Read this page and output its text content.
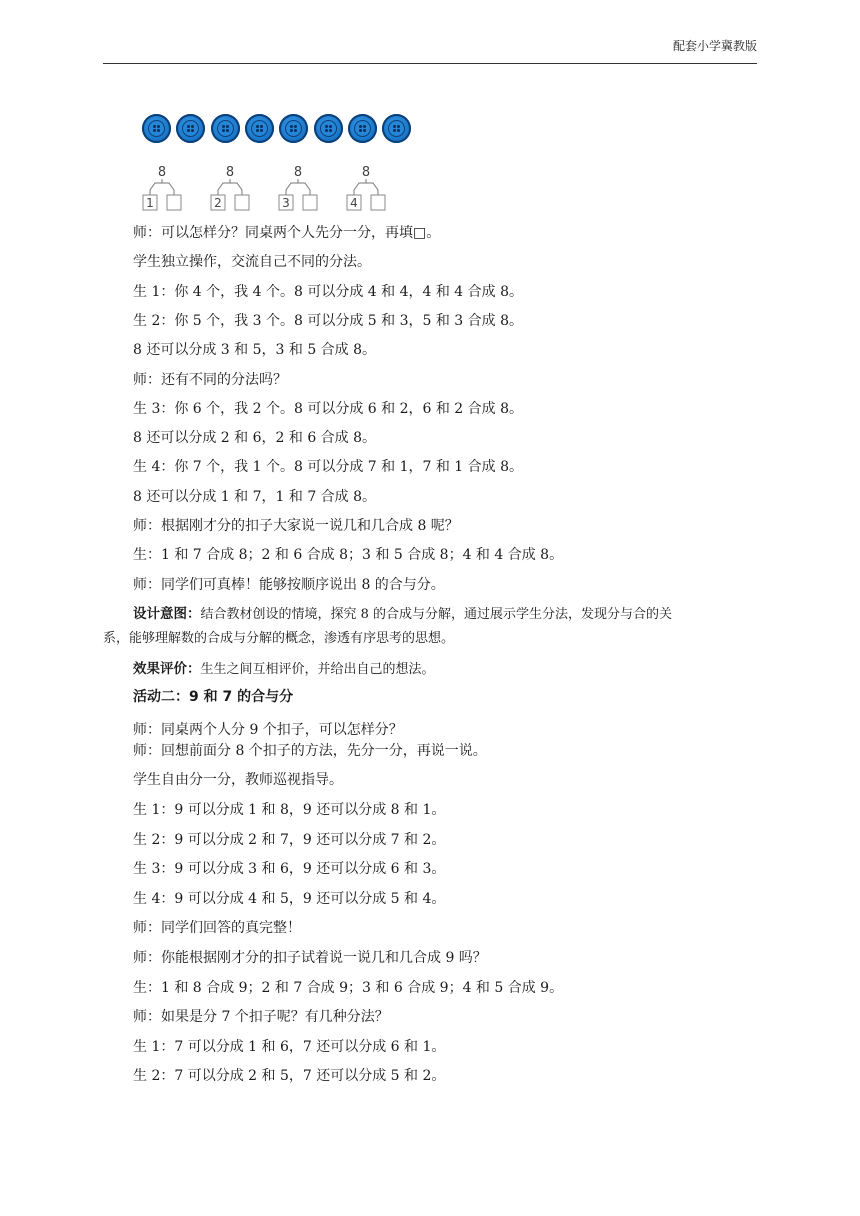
配套小学冀教版
8
1
8
2
8
3
8
4
师：可以怎样分？同桌两个人先分一分，再填□。
学生独立操作，交流自己不同的分法。
生 1：你 4 个，我 4 个。8 可以分成 4 和 4，4 和 4 合成 8。
生 2：你 5 个，我 3 个。8 可以分成 5 和 3，5 和 3 合成 8。
8 还可以分成 3 和 5，3 和 5 合成 8。
师：还有不同的分法吗？
生 3：你 6 个，我 2 个。8 可以分成 6 和 2，6 和 2 合成 8。
8 还可以分成 2 和 6，2 和 6 合成 8。
生 4：你 7 个，我 1 个。8 可以分成 7 和 1，7 和 1 合成 8。
8 还可以分成 1 和 7，1 和 7 合成 8。
师：根据刚才分的扣子大家说一说几和几合成 8 呢？
生：1 和 7 合成 8；2 和 6 合成 8；3 和 5 合成 8；4 和 4 合成 8。
师：同学们可真棒！能够按顺序说出 8 的合与分。
设计意图：结合教材创设的情境，探究 8 的合成与分解，通过展示学生分法，发现分与合的关
系，能够理解数的合成与分解的概念，渗透有序思考的思想。
效果评价：生生之间互相评价，并给出自己的想法。
活动二：9 和 7 的合与分
师：同桌两个人分 9 个扣子，可以怎样分？
师：回想前面分 8 个扣子的方法，先分一分，再说一说。
学生自由分一分，教师巡视指导。
生 1：9 可以分成 1 和 8，9 还可以分成 8 和 1。
生 2：9 可以分成 2 和 7，9 还可以分成 7 和 2。
生 3：9 可以分成 3 和 6，9 还可以分成 6 和 3。
生 4：9 可以分成 4 和 5，9 还可以分成 5 和 4。
师：同学们回答的真完整！
师：你能根据刚才分的扣子试着说一说几和几合成 9 吗？
生：1 和 8 合成 9；2 和 7 合成 9；3 和 6 合成 9；4 和 5 合成 9。
师：如果是分 7 个扣子呢？有几种分法？
生 1：7 可以分成 1 和 6，7 还可以分成 6 和 1。
生 2：7 可以分成 2 和 5，7 还可以分成 5 和 2。
